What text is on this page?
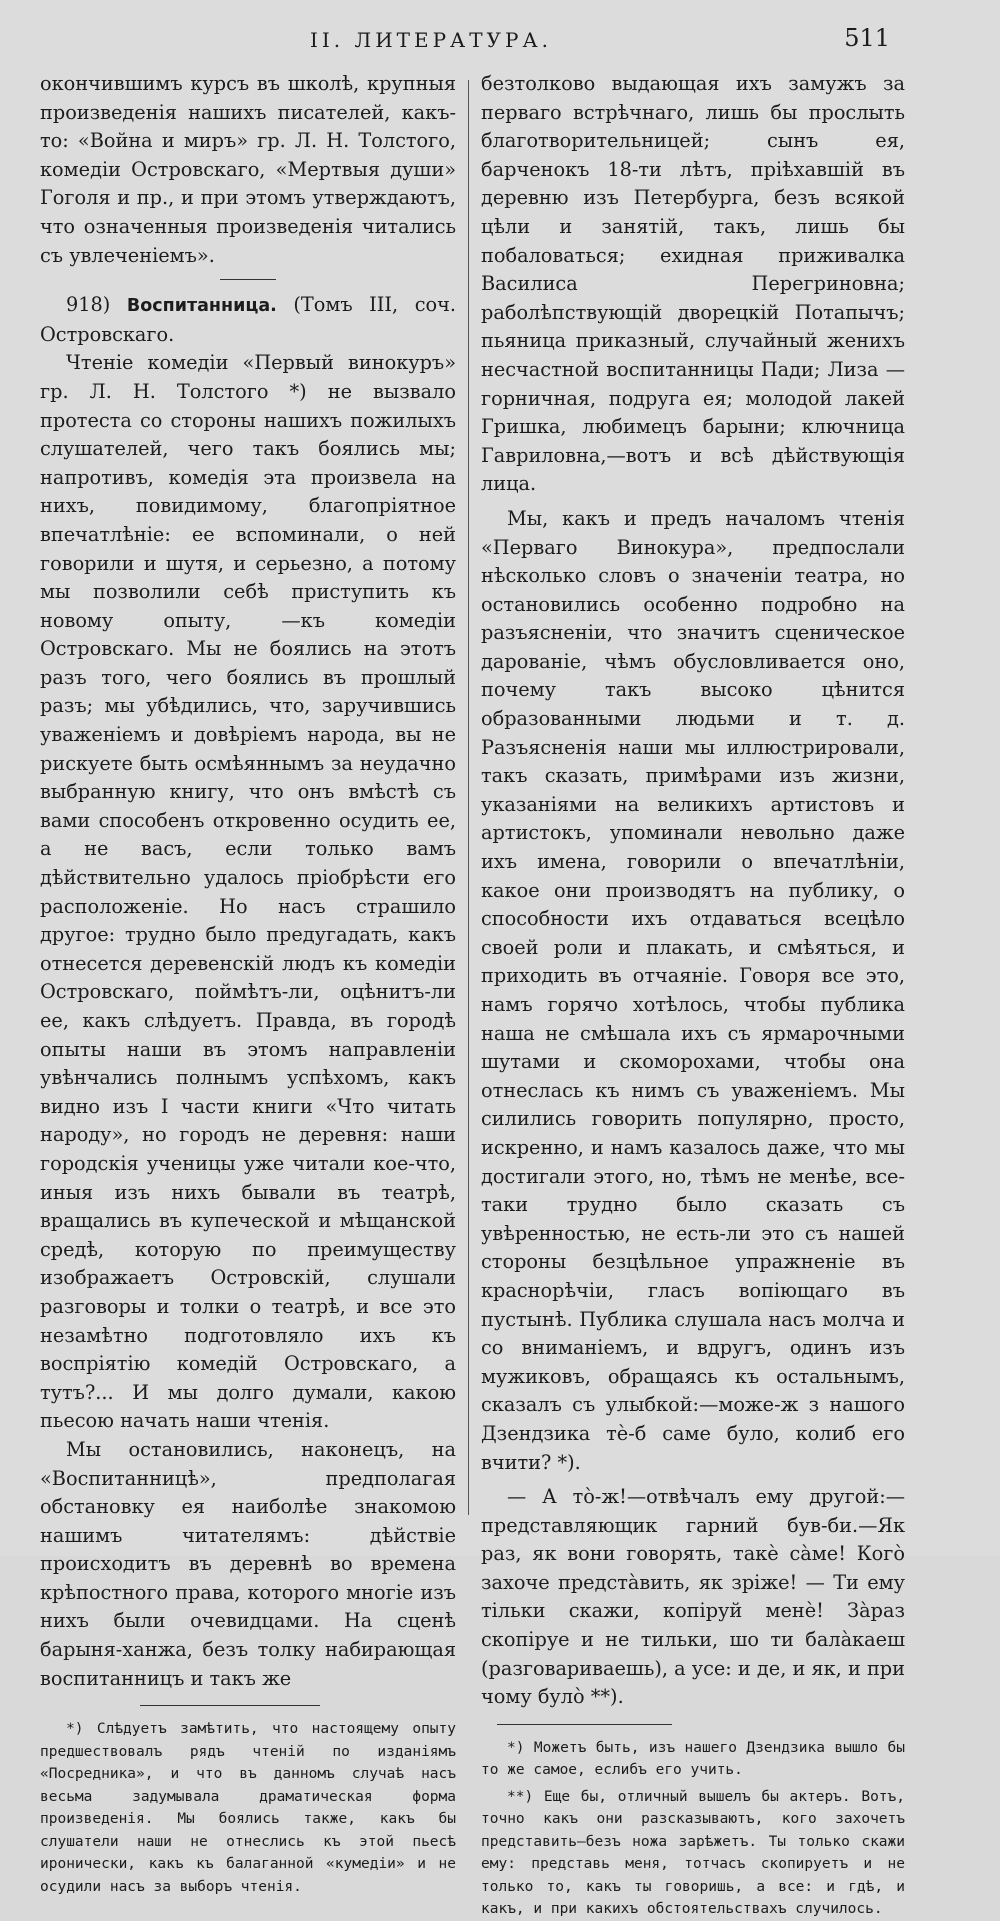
II. ЛИТЕРАТУРА.	511

окончившимъ курсъ въ школѣ, крупныя произведенія нашихъ писателей, какъ-то: «Война и миръ» гр. Л. Н. Толстого, комедіи Островскаго, «Мертвыя души» Гоголя и пр., и при этомъ утверждаютъ, что означенныя произведенія читались съ увлеченіемъ».

918) Воспитанница. (Томъ III, соч. Островскаго.

Чтеніе комедіи «Первый винокуръ» гр. Л. Н. Толстого *) не вызвало протеста со стороны нашихъ пожилыхъ слушателей, чего такъ боялись мы; напротивъ, комедія эта произвела на нихъ, повидимому, благопріятное впечатлѣніе: ее вспоминали, о ней говорили и шутя, и серьезно, а потому мы позволили себѣ приступить къ новому опыту, —къ комедіи Островскаго. Мы не боялись на этотъ разъ того, чего боялись въ прошлый разъ; мы убѣдились, что, заручившись уваженіемъ и довѣріемъ народа, вы не рискуете быть осмѣяннымъ за неудачно выбранную книгу, что онъ вмѣстѣ съ вами способенъ откровенно осудить ее, а не васъ, если только вамъ дѣйствительно удалось пріобрѣсти его расположеніе. Но насъ страшило другое: трудно было предугадать, какъ отнесется деревенскій людъ къ комедіи Островскаго, поймѣтъ-ли, оцѣнитъ-ли ее, какъ слѣдуетъ. Правда, въ городѣ опыты наши въ этомъ направленіи увѣнчались полнымъ успѣхомъ, какъ видно изъ I части книги «Что читать народу», но городъ не деревня: наши городскія ученицы уже читали кое-что, иныя изъ нихъ бывали въ театрѣ, вращались въ купеческой и мѣщанской средѣ, которую по преимуществу изображаетъ Островскій, слушали разговоры и толки о театрѣ, и все это незамѣтно подготовляло ихъ къ воспріятію комедій Островскаго, а тутъ?... И мы долго думали, какою пьесою начать наши чтенія.

Мы остановились, наконецъ, на «Воспитанницѣ», предполагая обстановку ея наиболѣе знакомою нашимъ читателямъ: дѣйствіе происходитъ въ деревнѣ во времена крѣпостного права, которого многіе изъ нихъ были очевидцами. На сценѣ барыня-ханжа, безъ толку набирающая воспитанницъ и такъ же

*) Слѣдуетъ замѣтить, что настоящему опыту предшествовалъ рядъ чтеній по изданіямъ «Посредника», и что въ данномъ случаѣ насъ весьма задумывала драматическая форма произведенія. Мы боялись также, какъ бы слушатели наши не отнеслись къ этой пьесѣ иронически, какъ къ балаганной «кумедіи» и не осудили насъ за выборъ чтенія.

безтолково выдающая ихъ замужъ за перваго встрѣчнаго, лишь бы прослыть благотворительницей; сынъ ея, барченокъ 18-ти лѣтъ, пріѣхавшій въ деревню изъ Петербурга, безъ всякой цѣли и занятій, такъ, лишь бы побаловаться; ехидная приживалка Василиса Перегриновна; раболѣпствующій дворецкій Потапычъ; пьяница приказный, случайный женихъ несчастной воспитанницы Пади; Лиза —горничная, подруга ея; молодой лакей Гришка, любимецъ барыни; ключница Гавриловна,—вотъ и всѣ дѣйствующія лица.

Мы, какъ и предъ началомъ чтенія «Перваго Винокура», предпослали нѣсколько словъ о значеніи театра, но остановились особенно подробно на разъясненіи, что значитъ сценическое дарованіе, чѣмъ обусловливается оно, почему такъ высоко цѣнится образованными людьми и т. д. Разъясненія наши мы иллюстрировали, такъ сказать, примѣрами изъ жизни, указаніями на великихъ артистовъ и артистокъ, упоминали невольно даже ихъ имена, говорили о впечатлѣніи, какое они производятъ на публику, о способности ихъ отдаваться всецѣло своей роли и плакать, и смѣяться, и приходить въ отчаяніе. Говоря все это, намъ горячо хотѣлось, чтобы публика наша не смѣшала ихъ съ ярмарочными шутами и скоморохами, чтобы она отнеслась къ нимъ съ уваженіемъ. Мы силились говорить популярно, просто, искренно, и намъ казалось даже, что мы достигали этого, но, тѣмъ не менѣе, все-таки трудно было сказать съ увѣренностью, не есть-ли это съ нашей стороны безцѣльное упражненіе въ краснорѣчіи, гласъ вопіющаго въ пустынѣ. Публика слушала насъ молча и со вниманіемъ, и вдругъ, одинъ изъ мужиковъ, обращаясь къ остальнымъ, сказалъ съ улыбкой:—може-ж з нашого Дзендзика тè-б саме було, колиб его вчити? *).

— А тò-ж!—отвѣчалъ ему другой:—представляющик гарний був-би.—Як раз, як вони говорять, такè сàме! Когò захоче предстàвить, як зріже! — Ти ему тільки скажи, копіруй менè! Зàраз скопіруе и не тильки, шо ти балàкаеш (разговариваешь), а усе: и де, и як, и при чому булò **).

*) Можетъ быть, изъ нашего Дзендзика вышло бы то же самое, еслибъ его учить.

**) Еще бы, отличный вышелъ бы актеръ. Вотъ, точно какъ они разсказываютъ, кого захочетъ представить—безъ ножа зарѣжетъ. Ты только скажи ему: представь меня, тотчасъ скопируетъ и не только то, какъ ты говоришь, а все: и гдѣ, и какъ, и при какихъ обстоятельствахъ случилось.
